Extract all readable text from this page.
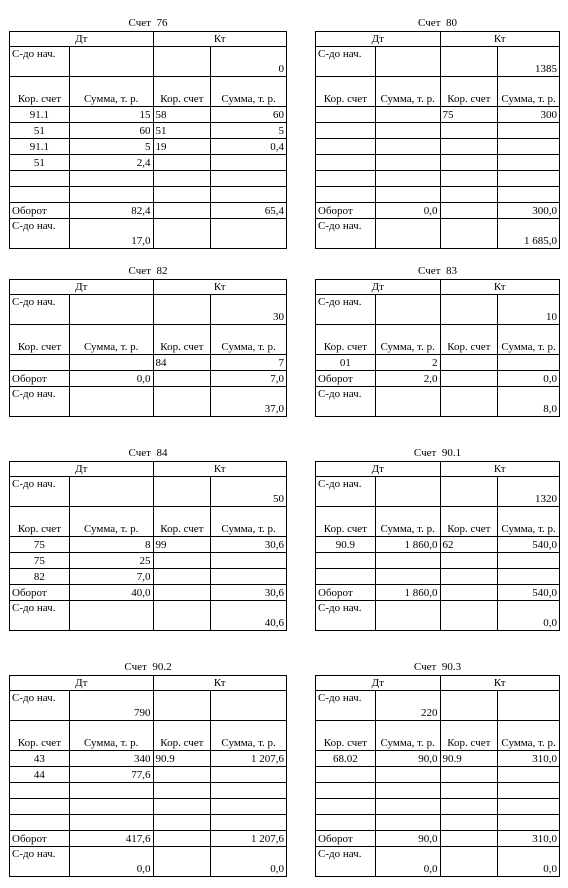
Счет  76
Дт		Кт	
С-до нач.			0
Кор. счет	Сумма, т. р.	Кор. счет	Сумма, т. р.
91.1	15	58	60
51	60	51	5
91.1	5	19	0,4
51	2,4		

Оборот	82,4		65,4
С-до нач.	17,0		
Счет  80
Дт		Кт	
С-до нач.			1385
Кор. счет	Сумма, т. р.	Кор. счет	Сумма, т. р.
		75	300

Оборот	0,0		300,0
С-до нач.			1 685,0
Счет  82
Дт		Кт	
С-до нач.			30
Кор. счет	Сумма, т. р.	Кор. счет	Сумма, т. р.
		84	7
Оборот	0,0		7,0
С-до нач.			37,0
Счет  83
Дт		Кт	
С-до нач.			10
Кор. счет	Сумма, т. р.	Кор. счет	Сумма, т. р.
01	2		
Оборот	2,0		0,0
С-до нач.			8,0
Счет  84
Дт		Кт	
С-до нач.			50
Кор. счет	Сумма, т. р.	Кор. счет	Сумма, т. р.
75	8	99	30,6
75	25		
82	7,0		
Оборот	40,0		30,6
С-до нач.			40,6
Счет  90.1
Дт		Кт	
С-до нач.			1320
Кор. счет	Сумма, т. р.	Кор. счет	Сумма, т. р.
90.9	1 860,0	62	540,0

Оборот	1 860,0		540,0
С-до нач.			0,0
Счет  90.2
Дт		Кт	
С-до нач.	790		
Кор. счет	Сумма, т. р.	Кор. счет	Сумма, т. р.
43	340	90.9	1 207,6
44	77,6		

Оборот	417,6		1 207,6
С-до нач.	0,0		0,0
Счет  90.3
Дт		Кт	
С-до нач.	220		
Кор. счет	Сумма, т. р.	Кор. счет	Сумма, т. р.
68.02	90,0	90.9	310,0

Оборот	90,0		310,0
С-до нач.	0,0		0,0
